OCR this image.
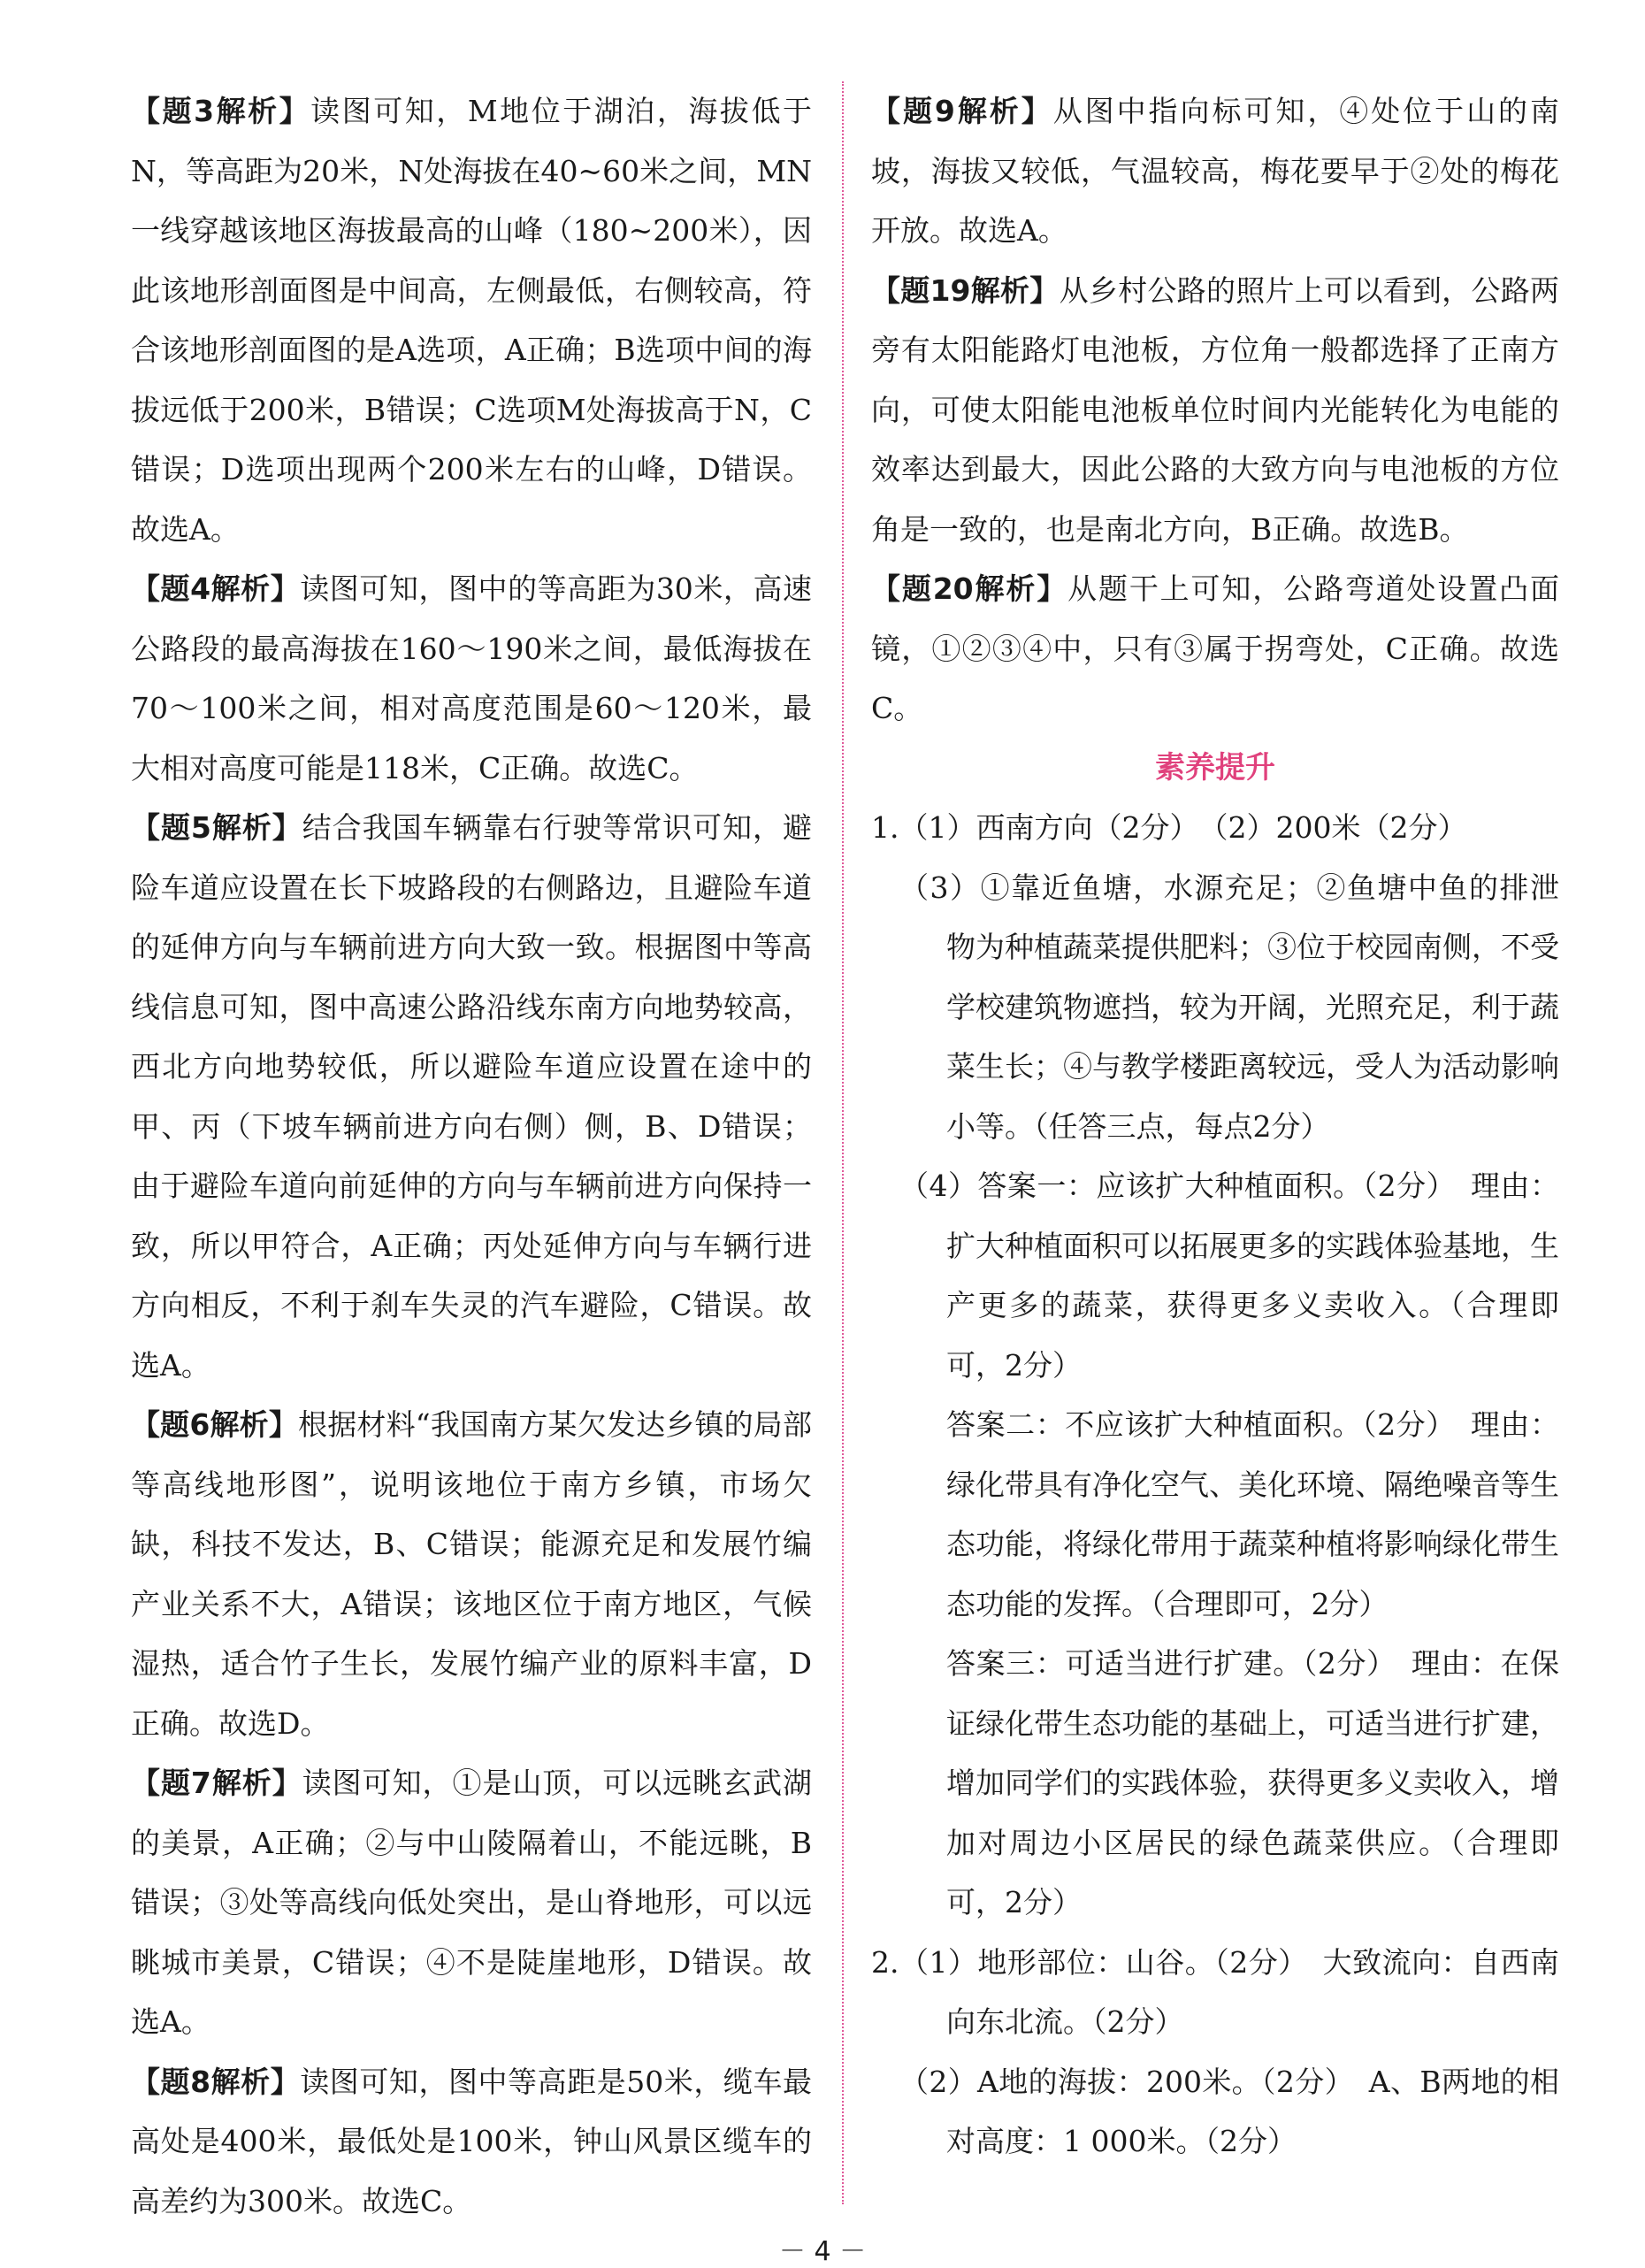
【题3解析】读图可知，M地位于湖泊，海拔低于N，等高距为20米，N处海拔在40~60米之间，MN一线穿越该地区海拔最高的山峰（180~200米），因此该地形剖面图是中间高，左侧最低，右侧较高，符合该地形剖面图的是A选项，A正确；B选项中间的海拔远低于200米，B错误；C选项M处海拔高于N，C错误；D选项出现两个200米左右的山峰，D错误。故选A。

【题4解析】读图可知，图中的等高距为30米，高速公路段的最高海拔在160～190米之间，最低海拔在70～100米之间，相对高度范围是60～120米，最大相对高度可能是118米，C正确。故选C。

【题5解析】结合我国车辆靠右行驶等常识可知，避险车道应设置在长下坡路段的右侧路边，且避险车道的延伸方向与车辆前进方向大致一致。根据图中等高线信息可知，图中高速公路沿线东南方向地势较高，西北方向地势较低，所以避险车道应设置在途中的甲、丙（下坡车辆前进方向右侧）侧，B、D错误；由于避险车道向前延伸的方向与车辆前进方向保持一致，所以甲符合，A正确；丙处延伸方向与车辆行进方向相反，不利于刹车失灵的汽车避险，C错误。故选A。

【题6解析】根据材料“我国南方某欠发达乡镇的局部等高线地形图”，说明该地位于南方乡镇，市场欠缺，科技不发达，B、C错误；能源充足和发展竹编产业关系不大，A错误；该地区位于南方地区，气候湿热，适合竹子生长，发展竹编产业的原料丰富，D正确。故选D。

【题7解析】读图可知，①是山顶，可以远眺玄武湖的美景，A正确；②与中山陵隔着山，不能远眺，B错误；③处等高线向低处突出，是山脊地形，可以远眺城市美景，C错误；④不是陡崖地形，D错误。故选A。

【题8解析】读图可知，图中等高距是50米，缆车最高处是400米，最低处是100米，钟山风景区缆车的高差约为300米。故选C。

【题9解析】从图中指向标可知，④处位于山的南坡，海拔又较低，气温较高，梅花要早于②处的梅花开放。故选A。

【题19解析】从乡村公路的照片上可以看到，公路两旁有太阳能路灯电池板，方位角一般都选择了正南方向，可使太阳能电池板单位时间内光能转化为电能的效率达到最大，因此公路的大致方向与电池板的方位角是一致的，也是南北方向，B正确。故选B。

【题20解析】从题干上可知，公路弯道处设置凸面镜，①②③④中，只有③属于拐弯处，C正确。故选C。

素养提升

1.（1）西南方向（2分）　（2）200米（2分）

（3）①靠近鱼塘，水源充足；②鱼塘中鱼的排泄物为种植蔬菜提供肥料；③位于校园南侧，不受学校建筑物遮挡，较为开阔，光照充足，利于蔬菜生长；④与教学楼距离较远，受人为活动影响小等。（任答三点，每点2分）

（4）答案一：应该扩大种植面积。（2分）　理由：扩大种植面积可以拓展更多的实践体验基地，生产更多的蔬菜，获得更多义卖收入。（合理即可，2分）

答案二：不应该扩大种植面积。（2分）　理由：绿化带具有净化空气、美化环境、隔绝噪音等生态功能，将绿化带用于蔬菜种植将影响绿化带生态功能的发挥。（合理即可，2分）

答案三：可适当进行扩建。（2分）　理由：在保证绿化带生态功能的基础上，可适当进行扩建，增加同学们的实践体验，获得更多义卖收入，增加对周边小区居民的绿色蔬菜供应。（合理即可，2分）

2.（1）地形部位：山谷。（2分）　大致流向：自西南向东北流。（2分）

（2）A地的海拔：200米。（2分）　A、B两地的相对高度：1 000米。（2分）

－ 4 －
